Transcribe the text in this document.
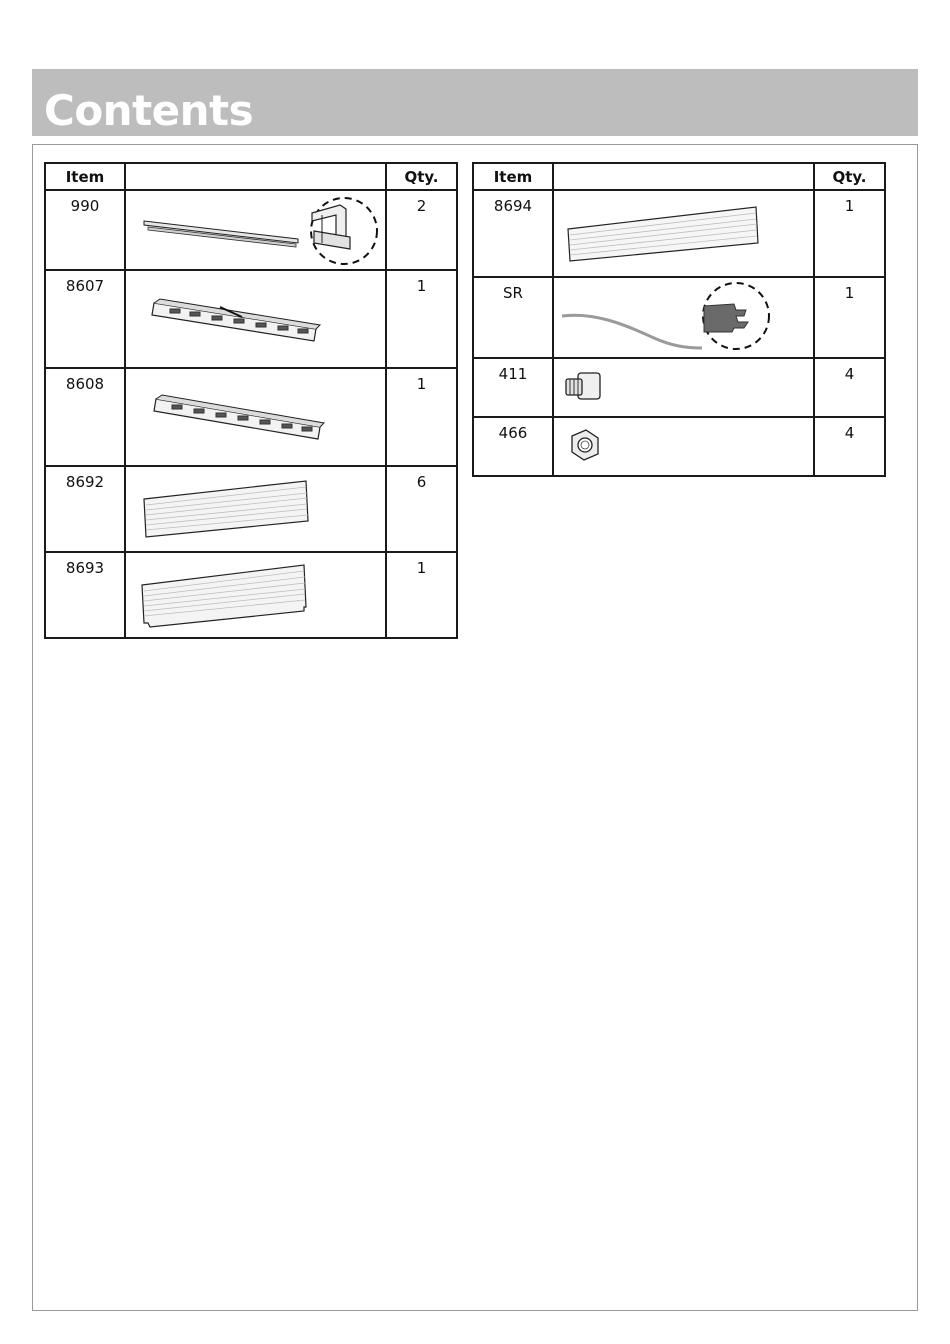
Contents
Item		Qty.
990		2
8607		1
8608		1
8692		6
8693		1
Item		Qty.
8694		1
SR		1
411		4
466		4
